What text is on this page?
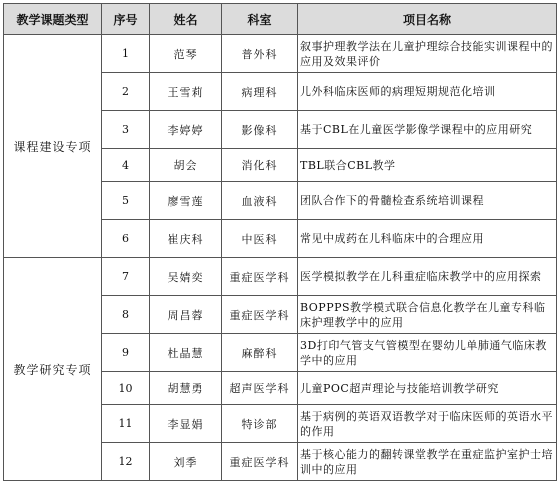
教学课题类型	序号	姓名	科室	项目名称
课程建设专项	1	范琴	普外科	叙事护理教学法在儿童护理综合技能实训课程中的应用及效果评价
	2	王雪莉	病理科	儿外科临床医师的病理短期规范化培训
	3	李婷婷	影像科	基于CBL在儿童医学影像学课程中的应用研究
	4	胡会	消化科	TBL联合CBL教学
	5	廖雪莲	血液科	团队合作下的骨髓检查系统培训课程
	6	崔庆科	中医科	常见中成药在儿科临床中的合理应用
教学研究专项	7	吴婧奕	重症医学科	医学模拟教学在儿科重症临床教学中的应用探索
	8	周昌蓉	重症医学科	BOPPPS教学模式联合信息化教学在儿童专科临床护理教学中的应用
	9	杜晶慧	麻醉科	3D打印气管支气管模型在婴幼儿单肺通气临床教学中的应用
	10	胡慧勇	超声医学科	儿童POC超声理论与技能培训教学研究
	11	李显娟	特诊部	基于病例的英语双语教学对于临床医师的英语水平的作用
	12	刘季	重症医学科	基于核心能力的翻转课堂教学在重症监护室护士培训中的应用
